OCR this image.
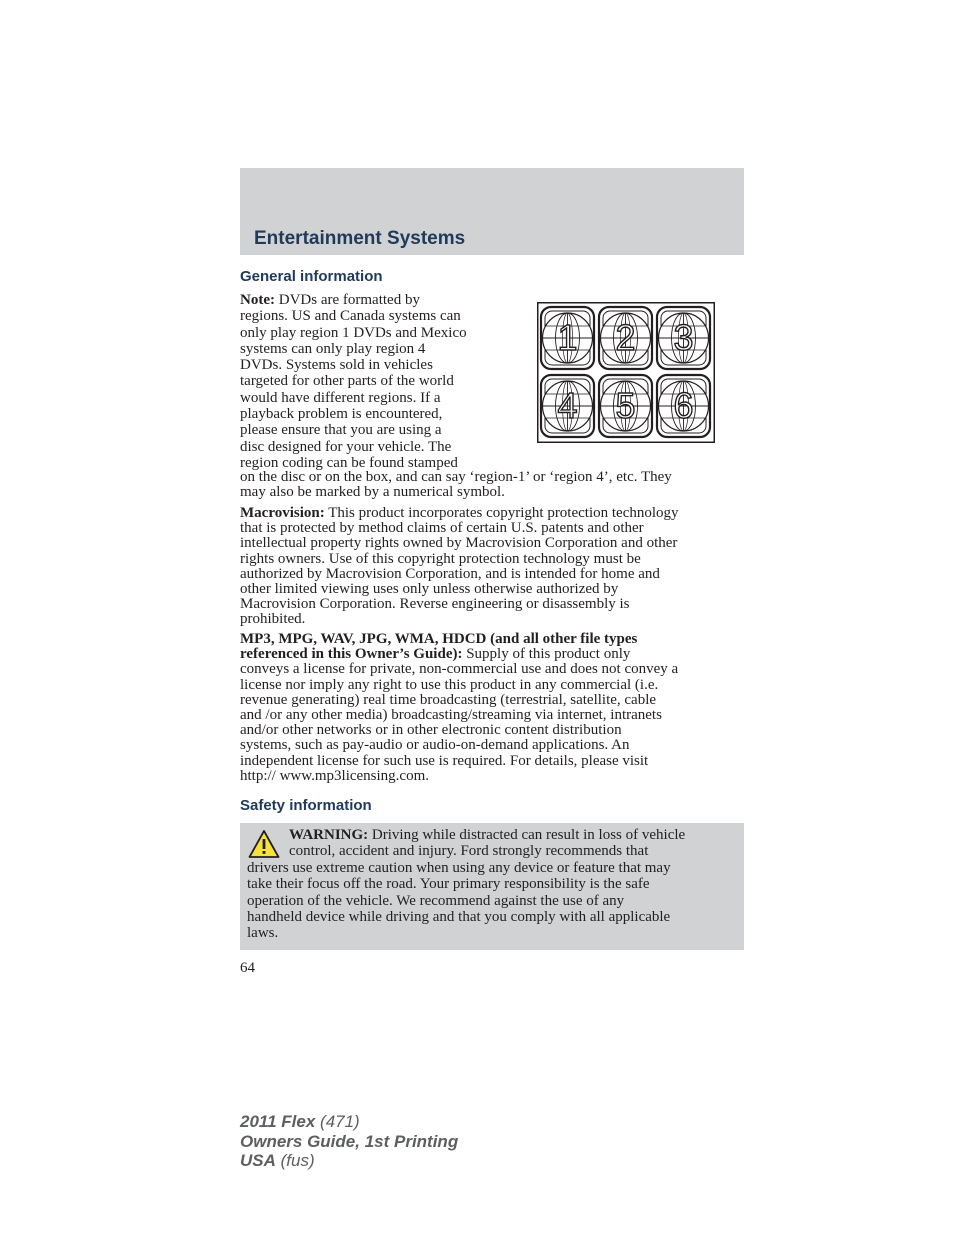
Entertainment Systems
General information
Note: DVDs are formatted by
regions. US and Canada systems can
only play region 1 DVDs and Mexico
systems can only play region 4
DVDs. Systems sold in vehicles
targeted for other parts of the world
would have different regions. If a
playback problem is encountered,
please ensure that you are using a
disc designed for your vehicle. The
region coding can be found stamped
1 2 3
4 5 6
on the disc or on the box, and can say ‘region-1’ or ‘region 4’, etc. They
may also be marked by a numerical symbol.
Macrovision: This product incorporates copyright protection technology
that is protected by method claims of certain U.S. patents and other
intellectual property rights owned by Macrovision Corporation and other
rights owners. Use of this copyright protection technology must be
authorized by Macrovision Corporation, and is intended for home and
other limited viewing uses only unless otherwise authorized by
Macrovision Corporation. Reverse engineering or disassembly is
prohibited.
MP3, MPG, WAV, JPG, WMA, HDCD (and all other file types
referenced in this Owner’s Guide): Supply of this product only
conveys a license for private, non-commercial use and does not convey a
license nor imply any right to use this product in any commercial (i.e.
revenue generating) real time broadcasting (terrestrial, satellite, cable
and /or any other media) broadcasting/streaming via internet, intranets
and/or other networks or in other electronic content distribution
systems, such as pay-audio or audio-on-demand applications. An
independent license for such use is required. For details, please visit
http:// www.mp3licensing.com.
Safety information
WARNING: Driving while distracted can result in loss of vehicle
control, accident and injury. Ford strongly recommends that
drivers use extreme caution when using any device or feature that may
take their focus off the road. Your primary responsibility is the safe
operation of the vehicle. We recommend against the use of any
handheld device while driving and that you comply with all applicable
laws.

64

2011 Flex (471)
Owners Guide, 1st Printing
USA (fus)
